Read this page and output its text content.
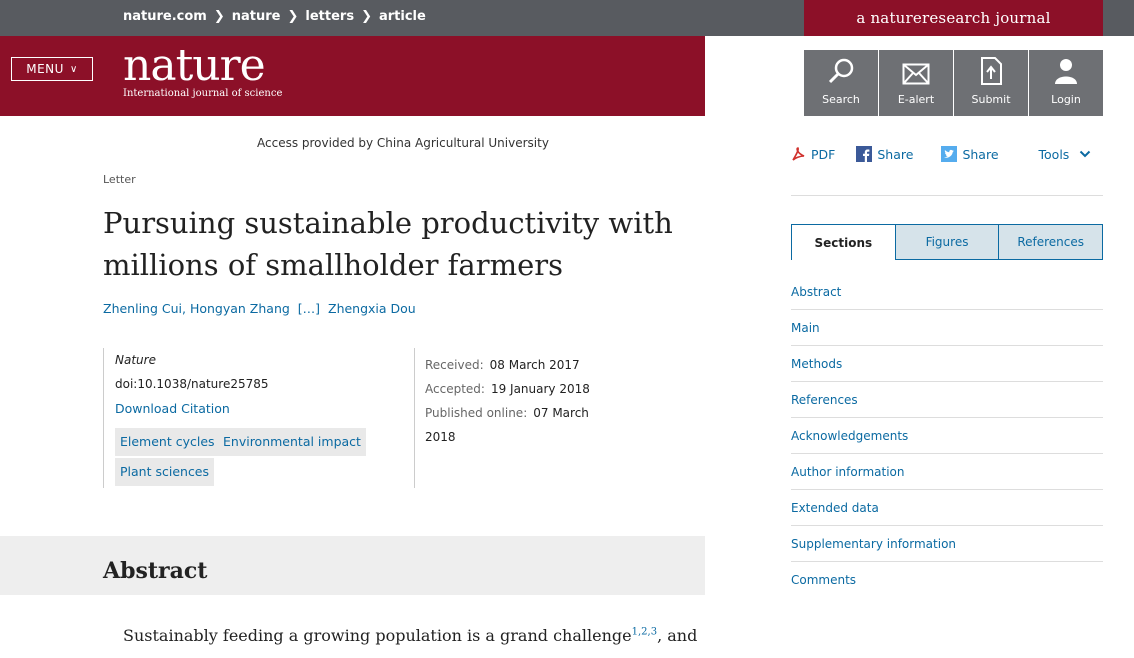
nature.com ❯ nature ❯ letters ❯ article	a natureresearch journal
MENU ∨ nature
International journal of science	Search	E-alert	Submit	Login
Access provided by China Agricultural University
Letter
Pursuing sustainable productivity with millions of smallholder farmers
Zhenling Cui, Hongyan Zhang […] Zhengxia Dou
Nature
doi:10.1038/nature25785
Download Citation
Element cycles Environmental impact
Plant sciences
Received: 08 March 2017
Accepted: 19 January 2018
Published online: 07 March 2018
Abstract

Sustainably feeding a growing population is a grand challenge$^{1,2,3}$, and

PDF	Share	Share	Tools
Sections	Figures	References
Abstract
Main
Methods
References
Acknowledgements
Author information
Extended data
Supplementary information
Comments
